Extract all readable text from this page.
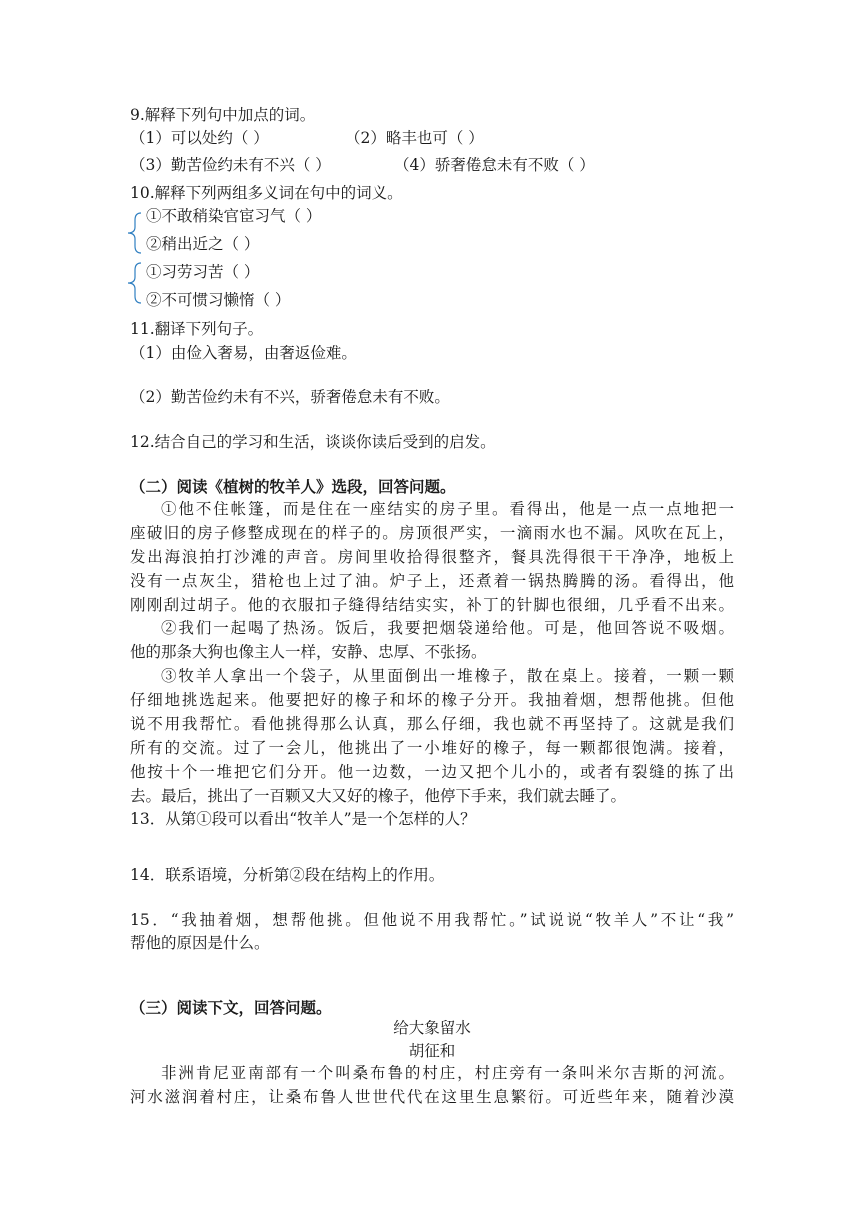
9.解释下列句中加点的词。
（1）可以处约（ ）	（2）略丰也可（ ）
（3）勤苦俭约未有不兴（ ）	（4）骄奢倦怠未有不败（ ）
10.解释下列两组多义词在句中的词义。
①不敢稍染官宦习气（ ）
②稍出近之（ ）
①习劳习苦（ ）
②不可惯习懒惰（ ）
11.翻译下列句子。
（1）由俭入奢易，由奢返俭难。
（2）勤苦俭约未有不兴，骄奢倦怠未有不败。
12.结合自己的学习和生活，谈谈你读后受到的启发。
（二）阅读《植树的牧羊人》选段，回答问题。
①他不住帐篷，而是住在一座结实的房子里。看得出，他是一点一点地把一
座破旧的房子修整成现在的样子的。房顶很严实，一滴雨水也不漏。风吹在瓦上，
发出海浪拍打沙滩的声音。房间里收拾得很整齐，餐具洗得很干干净净，地板上
没有一点灰尘，猎枪也上过了油。炉子上，还煮着一锅热腾腾的汤。看得出，他
刚刚刮过胡子。他的衣服扣子缝得结结实实，补丁的针脚也很细，几乎看不出来。
②我们一起喝了热汤。饭后，我要把烟袋递给他。可是，他回答说不吸烟。
他的那条大狗也像主人一样，安静、忠厚、不张扬。
③牧羊人拿出一个袋子，从里面倒出一堆橡子，散在桌上。接着，一颗一颗
仔细地挑选起来。他要把好的橡子和坏的橡子分开。我抽着烟，想帮他挑。但他
说不用我帮忙。看他挑得那么认真，那么仔细，我也就不再坚持了。这就是我们
所有的交流。过了一会儿，他挑出了一小堆好的橡子，每一颗都很饱满。接着，
他按十个一堆把它们分开。他一边数，一边又把个儿小的，或者有裂缝的拣了出
去。最后，挑出了一百颗又大又好的橡子，他停下手来，我们就去睡了。
13．从第①段可以看出“牧羊人”是一个怎样的人？
14．联系语境，分析第②段在结构上的作用。
15．“我抽着烟，想帮他挑。但他说不用我帮忙。”试说说“牧羊人”不让“我”
帮他的原因是什么。
（三）阅读下文，回答问题。
给大象留水
胡征和
非洲肯尼亚南部有一个叫桑布鲁的村庄，村庄旁有一条叫米尔吉斯的河流。
河水滋润着村庄，让桑布鲁人世世代代在这里生息繁衍。可近些年来，随着沙漠
